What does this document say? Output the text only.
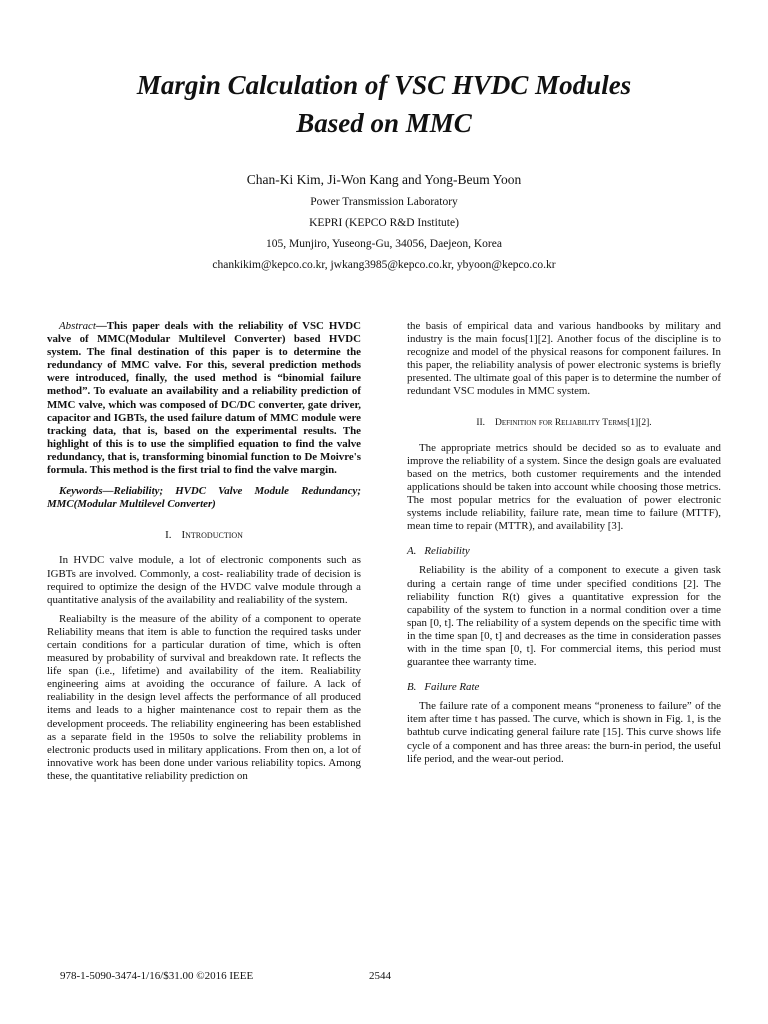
Margin Calculation of VSC HVDC Modules
Based on MMC
Chan-Ki Kim, Ji-Won Kang and Yong-Beum Yoon
Power Transmission Laboratory
KEPRI (KEPCO R&D Institute)
105, Munjiro, Yuseong-Gu, 34056, Daejeon, Korea
chankikim@kepco.co.kr, jwkang3985@kepco.co.kr, ybyoon@kepco.co.kr

Abstract—This paper deals with the reliability of VSC HVDC valve of MMC(Modular Multilevel Converter) based HVDC system. The final destination of this paper is to determine the redundancy of MMC valve. For this, several prediction methods were introduced, finally, the used method is “binomial failure method”. To evaluate an availability and a reliability prediction of MMC valve, which was composed of DC/DC converter, gate driver, capacitor and IGBTs, the used failure datum of MMC module were tracking data, that is, based on the experimental results. The highlight of this is to use the simplified equation to find the valve redundancy, that is, transforming binomial function to De Moivre's formula. This method is the first trial to find the valve margin.

Keywords—Reliability; HVDC Valve Module Redundancy; MMC(Modular Multilevel Converter)

I. Introduction

In HVDC valve module, a lot of electronic components such as IGBTs are involved. Commonly, a cost- realiability trade of decision is required to optimize the design of the HVDC valve module through a quantitative analysis of the availability and realiability of the system.

Realiabilty is the measure of the ability of a component to operate Reliability means that item is able to function the required tasks under certain conditions for a particular duration of time, which is often measured by probability of survival and breakdown rate. It reflects the life span (i.e., lifetime) and availability of the item. Realiability engineering aims at avoiding the occurance of failure. A lack of realiability in the design level affects the performance of all produced items and leads to a higher maintenance cost to repair them as the development proceeds. The reliability engineering has been established as a separate field in the 1950s to solve the reliability problems in electronic products used in military applications. From then on, a lot of innovative work has been done under various reliability topics. Among these, the quantitative reliability prediction on

the basis of empirical data and various handbooks by military and industry is the main focus[1][2]. Another focus of the discipline is to recognize and model of the physical reasons for component failures. In this paper, the reliability analysis of power electronic systems is briefly presented. The ultimate goal of this paper is to determine the number of redundant VSC modules in MMC system.

II. Definition for Reliability Terms[1][2].

The appropriate metrics should be decided so as to evaluate and improve the reliability of a system. Since the design goals are evaluated based on the metrics, both customer requirements and the intended applications should be taken into account while choosing those metrics. The most popular metrics for the evaluation of power electronic systems include reliability, failure rate, mean time to failure (MTTF), mean time to repair (MTTR), and availability [3].

A. Reliability

Reliability is the ability of a component to execute a given task during a certain range of time under specified conditions [2]. The reliability function R(t) gives a quantitative expression for the capability of the system to function in a normal condition over a time span [0, t]. The reliability of a system depends on the specific time with in the time span [0, t] and decreases as the time in consideration passes with in the time span [0, t]. For commercial items, this period must guarantee thee warranty time.

B. Failure Rate

The failure rate of a component means “proneness to failure” of the item after time t has passed. The curve, which is shown in Fig. 1, is the bathtub curve indicating general failure rate [15]. This curve shows life cycle of a component and has three areas: the burn-in period, the useful life period, and the wear-out period.

978-1-5090-3474-1/16/$31.00 ©2016 IEEE	2544
